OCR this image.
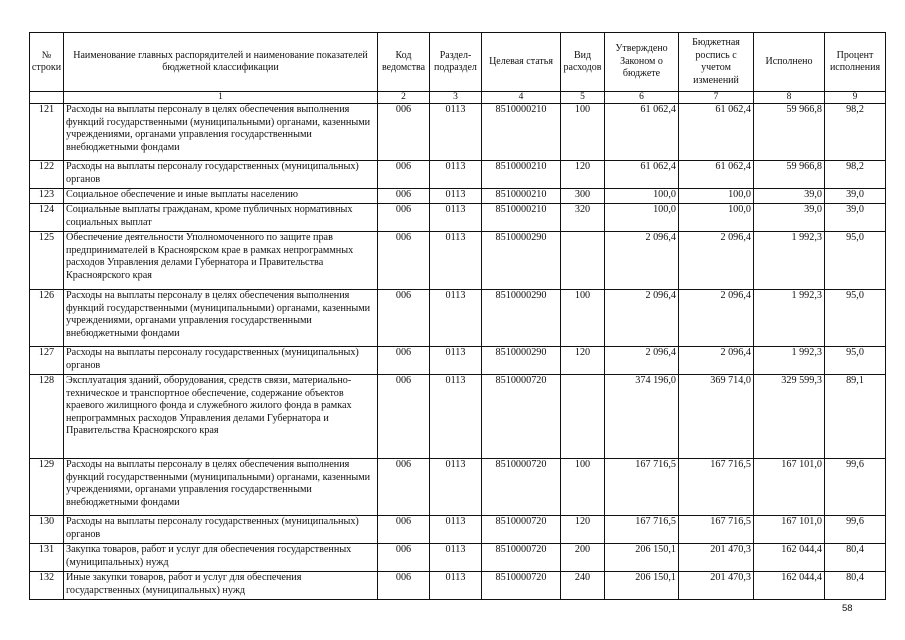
№ строки	Наименование главных распорядителей и наименование показателей бюджетной классификации	Код ведомства	Раздел-подраздел	Целевая статья	Вид расходов	Утверждено Законом о бюджете	Бюджетная роспись с учетом изменений	Исполнено	Процент исполнения
	1	2	3	4	5	6	7	8	9
121	Расходы на выплаты персоналу в целях обеспечения выполнения функций государственными (муниципальными) органами, казенными учреждениями, органами управления государственными внебюджетными фондами	006	0113	8510000210	100	61 062,4	61 062,4	59 966,8	98,2
122	Расходы на выплаты персоналу государственных (муниципальных) органов	006	0113	8510000210	120	61 062,4	61 062,4	59 966,8	98,2
123	Социальное обеспечение и иные выплаты населению	006	0113	8510000210	300	100,0	100,0	39,0	39,0
124	Социальные выплаты гражданам, кроме публичных нормативных социальных выплат	006	0113	8510000210	320	100,0	100,0	39,0	39,0
125	Обеспечение деятельности Уполномоченного по защите прав предпринимателей в Красноярском крае в рамках непрограммных расходов Управления делами Губернатора и Правительства Красноярского края	006	0113	8510000290		2 096,4	2 096,4	1 992,3	95,0
126	Расходы на выплаты персоналу в целях обеспечения выполнения функций государственными (муниципальными) органами, казенными учреждениями, органами управления государственными внебюджетными фондами	006	0113	8510000290	100	2 096,4	2 096,4	1 992,3	95,0
127	Расходы на выплаты персоналу государственных (муниципальных) органов	006	0113	8510000290	120	2 096,4	2 096,4	1 992,3	95,0
128	Эксплуатация зданий, оборудования, средств связи, материально-техническое и транспортное обеспечение, содержание объектов краевого жилищного фонда и служебного жилого фонда в рамках непрограммных расходов Управления делами Губернатора и Правительства Красноярского края	006	0113	8510000720		374 196,0	369 714,0	329 599,3	89,1
129	Расходы на выплаты персоналу в целях обеспечения выполнения функций государственными (муниципальными) органами, казенными учреждениями, органами управления государственными внебюджетными фондами	006	0113	8510000720	100	167 716,5	167 716,5	167 101,0	99,6
130	Расходы на выплаты персоналу государственных (муниципальных) органов	006	0113	8510000720	120	167 716,5	167 716,5	167 101,0	99,6
131	Закупка товаров, работ и услуг для обеспечения государственных (муниципальных) нужд	006	0113	8510000720	200	206 150,1	201 470,3	162 044,4	80,4
132	Иные закупки товаров, работ и услуг для обеспечения государственных (муниципальных) нужд	006	0113	8510000720	240	206 150,1	201 470,3	162 044,4	80,4
58
